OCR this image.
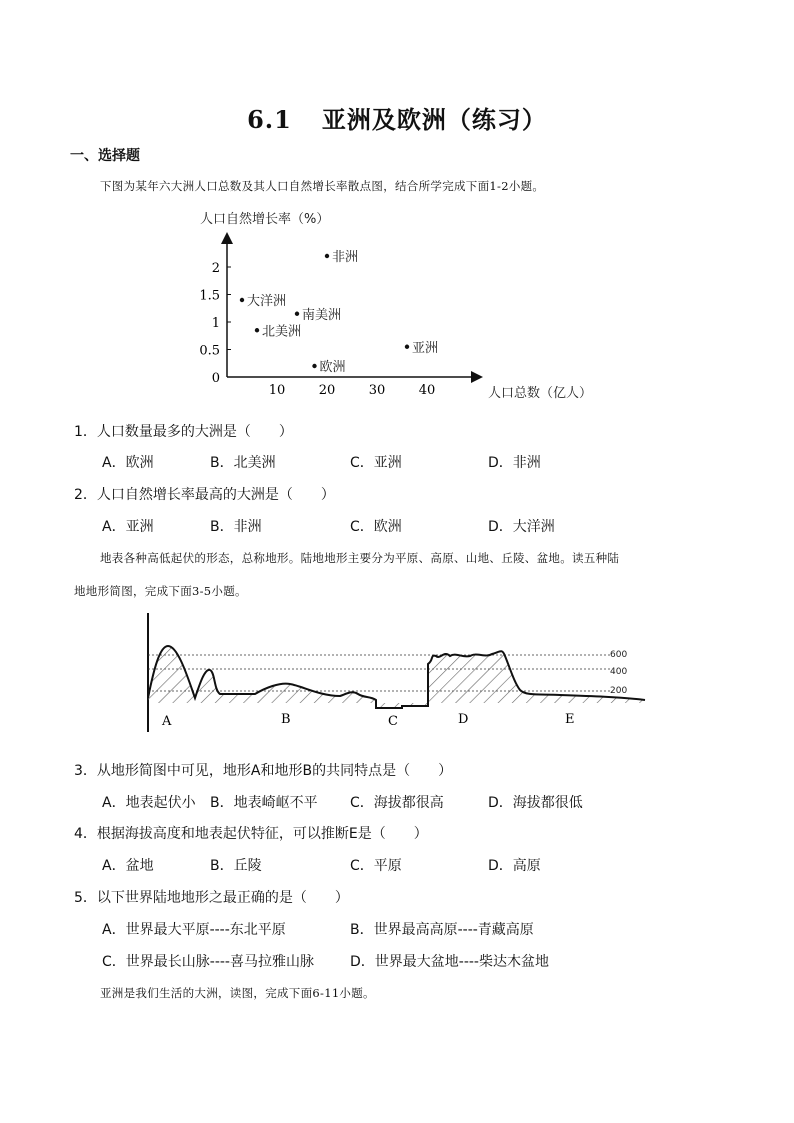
6.1 亚洲及欧洲（练习）
一、选择题
下图为某年六大洲人口总数及其人口自然增长率散点图，结合所学完成下面1-2小题。
人口自然增长率（%）
人口总数（亿人）
0
0.5
1
1.5
2
10	20	30	40
非洲
大洋洲
南美洲
北美洲
亚洲
欧洲
1．人口数量最多的大洲是（　　）
A．欧洲	B．北美洲	C．亚洲	D．非洲
2．人口自然增长率最高的大洲是（　　）
A．亚洲	B．非洲	C．欧洲	D．大洋洲
地表各种高低起伏的形态，总称地形。陆地地形主要分为平原、高原、山地、丘陵、盆地。读五种陆
地地形简图，完成下面3-5小题。
600
400
200
A	B	C	D	E
3．从地形简图中可见，地形A和地形B的共同特点是（　　）
A．地表起伏小 B．地表崎岖不平 C．海拔都很高	D．海拔都很低
4．根据海拔高度和地表起伏特征，可以推断E是（　　）
A．盆地	B．丘陵	C．平原	D．高原
5．以下世界陆地地形之最正确的是（　　）
A．世界最大平原----东北平原	B．世界最高高原----青藏高原
C．世界最长山脉----喜马拉雅山脉	D．世界最大盆地----柴达木盆地
亚洲是我们生活的大洲，读图，完成下面6-11小题。
